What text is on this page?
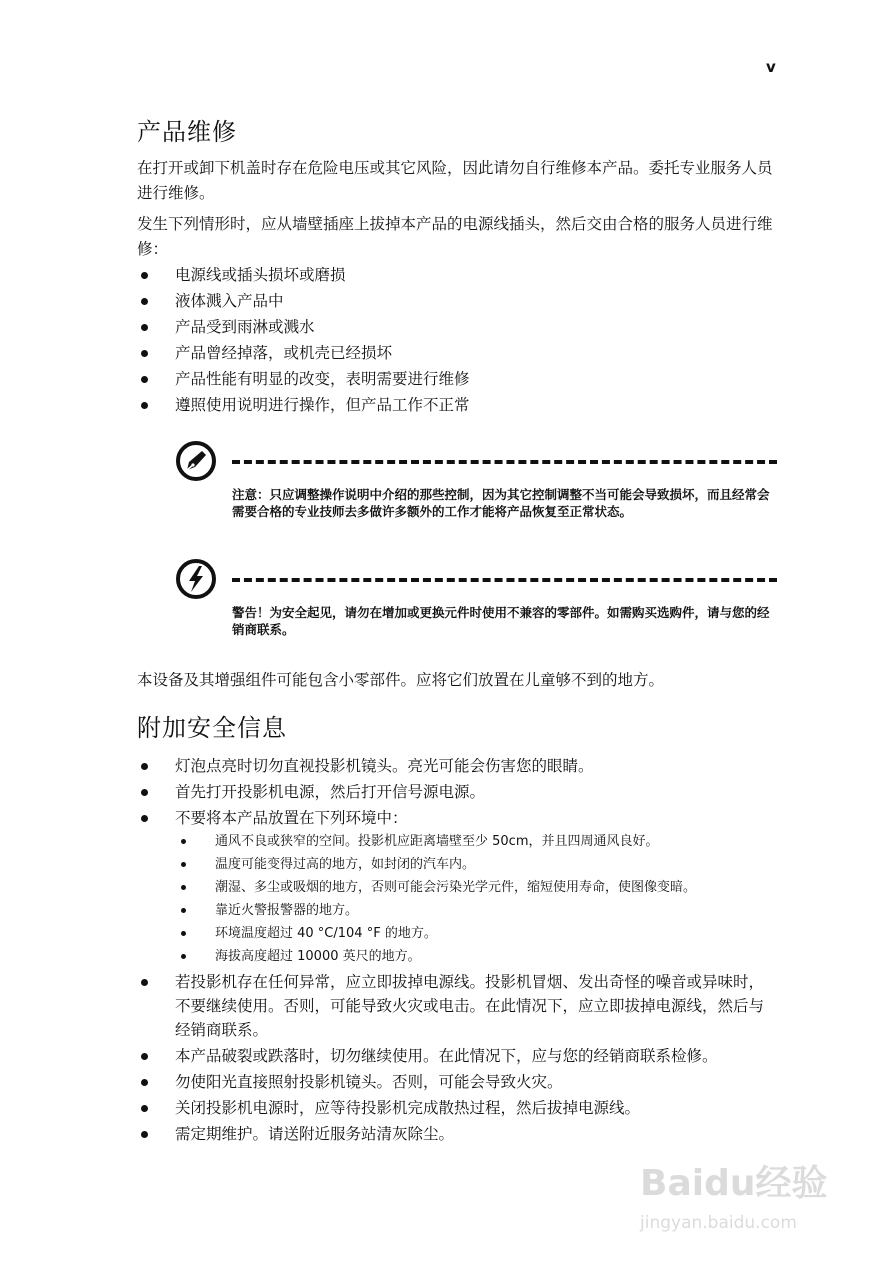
v
产品维修

在打开或卸下机盖时存在危险电压或其它风险，因此请勿自行维修本产品。委托专业服务人员进行维修。

发生下列情形时，应从墙壁插座上拔掉本产品的电源线插头，然后交由合格的服务人员进行维修：

电源线或插头损坏或磨损
液体溅入产品中
产品受到雨淋或溅水
产品曾经掉落，或机壳已经损坏
产品性能有明显的改变，表明需要进行维修
遵照使用说明进行操作，但产品工作不正常

注意：只应调整操作说明中介绍的那些控制，因为其它控制调整不当可能会导致损坏，而且经常会需要合格的专业技师去多做许多额外的工作才能将产品恢复至正常状态。

警告！为安全起见，请勿在增加或更换元件时使用不兼容的零部件。如需购买选购件，请与您的经销商联系。

本设备及其增强组件可能包含小零部件。应将它们放置在儿童够不到的地方。

附加安全信息
灯泡点亮时切勿直视投影机镜头。亮光可能会伤害您的眼睛。
首先打开投影机电源，然后打开信号源电源。
不要将本产品放置在下列环境中：
通风不良或狭窄的空间。投影机应距离墙壁至少 50cm，并且四周通风良好。
温度可能变得过高的地方，如封闭的汽车内。
潮湿、多尘或吸烟的地方，否则可能会污染光学元件，缩短使用寿命，使图像变暗。
靠近火警报警器的地方。
环境温度超过 40 °C/104 °F 的地方。
海拔高度超过 10000 英尺的地方。
若投影机存在任何异常，应立即拔掉电源线。投影机冒烟、发出奇怪的噪音或异味时，不要继续使用。否则，可能导致火灾或电击。在此情况下，应立即拔掉电源线，然后与经销商联系。
本产品破裂或跌落时，切勿继续使用。在此情况下，应与您的经销商联系检修。
勿使阳光直接照射投影机镜头。否则，可能会导致火灾。
关闭投影机电源时，应等待投影机完成散热过程，然后拔掉电源线。
需定期维护。请送附近服务站清灰除尘。
Baidu经验
jingyan.baidu.com
